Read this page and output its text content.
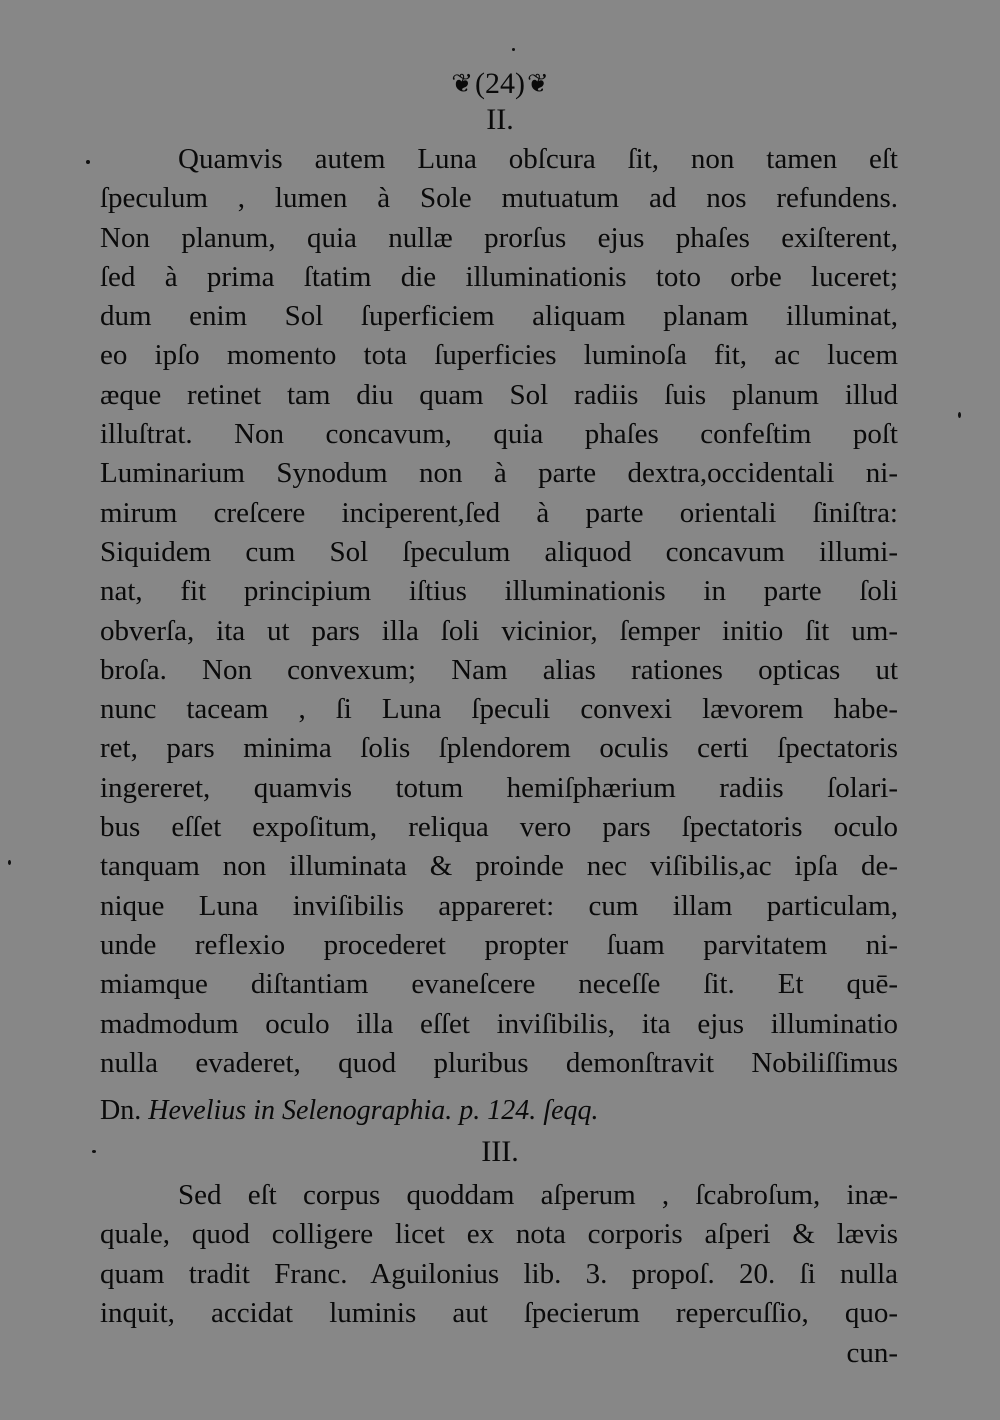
❦(24)❦
II.
Quamvis autem Luna obſcura ſit, non tamen eſt
ſpeculum , lumen à Sole mutuatum ad nos refundens.
Non planum, quia nullæ prorſus ejus phaſes exiſterent,
ſed à prima ſtatim die illuminationis toto orbe luceret;
dum enim Sol ſuperficiem aliquam planam illuminat,
eo ipſo momento tota ſuperficies luminoſa fit, ac lucem
æque retinet tam diu quam Sol radiis ſuis planum illud
illuſtrat. Non concavum, quia phaſes confeſtim poſt
Luminarium Synodum non à parte dextra,occidentali ni-
mirum creſcere inciperent,ſed à parte orientali ſiniſtra:
Siquidem cum Sol ſpeculum aliquod concavum illumi-
nat, fit principium iſtius illuminationis in parte ſoli
obverſa, ita ut pars illa ſoli vicinior, ſemper initio ſit um-
broſa. Non convexum; Nam alias rationes opticas ut
nunc taceam , ſi Luna ſpeculi convexi lævorem habe-
ret, pars minima ſolis ſplendorem oculis certi ſpectatoris
ingereret, quamvis totum hemiſphærium radiis ſolari-
bus eſſet expoſitum, reliqua vero pars ſpectatoris oculo
tanquam non illuminata & proinde nec viſibilis,ac ipſa de-
nique Luna inviſibilis appareret: cum illam particulam,
unde reflexio procederet propter ſuam parvitatem ni-
miamque diſtantiam evaneſcere neceſſe ſit. Et quē-
madmodum oculo illa eſſet inviſibilis, ita ejus illuminatio
nulla evaderet, quod pluribus demonſtravit Nobiliſſimus
Dn. Hevelius in Selenographia. p. 124. ſeqq.
III.
Sed eſt corpus quoddam aſperum , ſcabroſum, inæ-
quale, quod colligere licet ex nota corporis aſperi & lævis
quam tradit Franc. Aguilonius lib. 3. propoſ. 20. ſi nulla
inquit, accidat luminis aut ſpecierum repercuſſio, quo-
cun-
